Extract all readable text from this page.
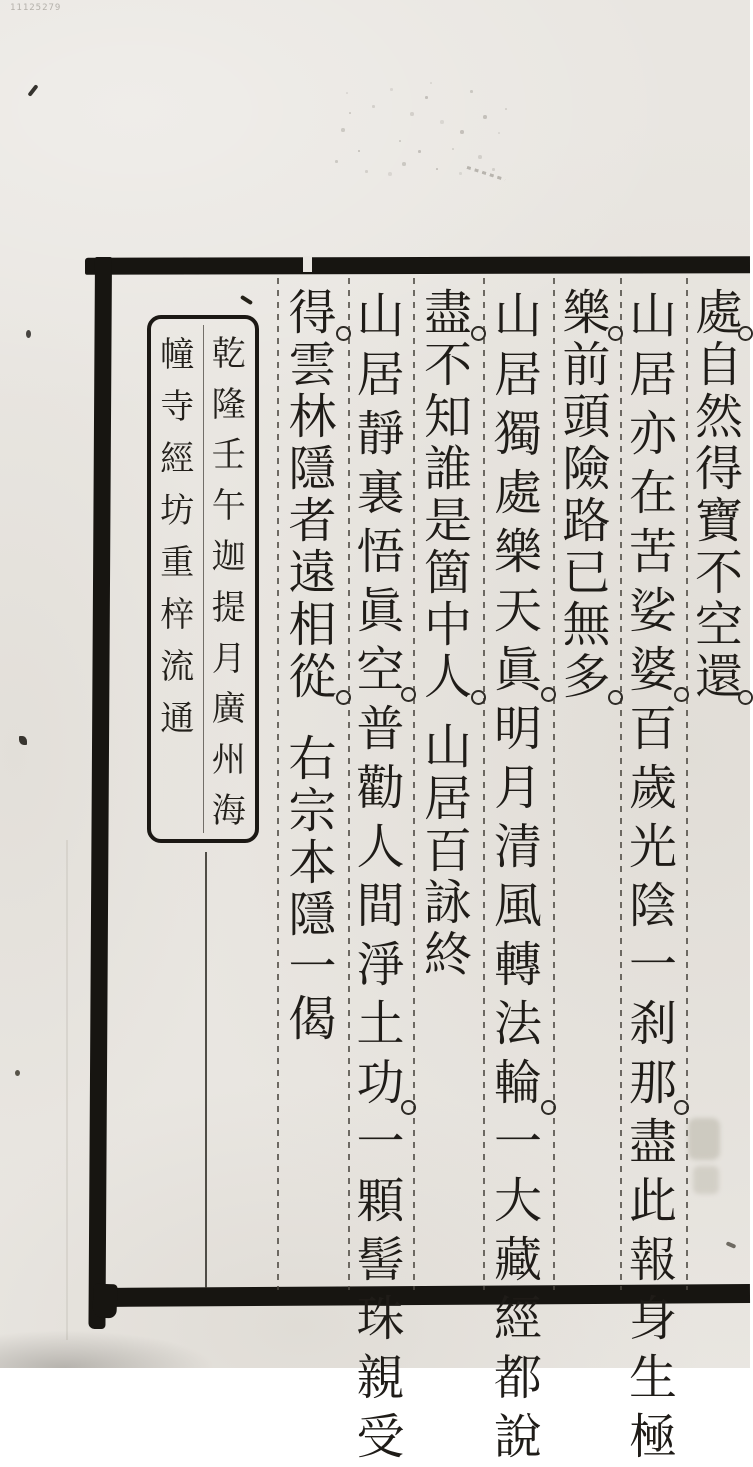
11125279
處
自
然
得
寶
不
空
還
山
居
亦
在
苦
娑
婆
百
歲
光
陰
一
刹
那
盡
此
報
身
生
極
樂
前
頭
險
路
已
無
多
山
居
獨
處
樂
天
眞
明
月
清
風
轉
法
輪
一
大
藏
經
都
說
盡
不
知
誰
是
箇
中
人
山
居
百
詠
終
山
居
靜
裏
悟
眞
空
普
勸
人
間
淨
土
功
一
顆
髻
珠
親
受
得
雲
林
隱
者
遠
相
從
右
宗
本
隱
一
偈
乾
隆
壬
午
迦
提
月
廣
州
海
幢
寺
經
坊
重
梓
流
通
